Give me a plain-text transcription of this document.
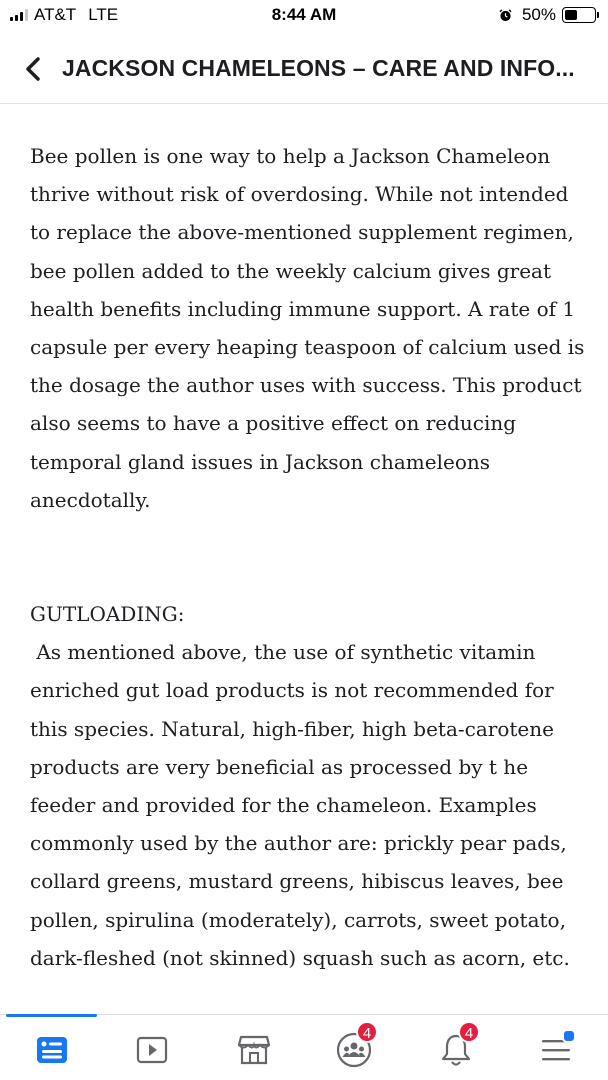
AT&T LTE	8:44 AM	50%
JACKSON CHAMELEONS – CARE AND INFO...

Bee pollen is one way to help a Jackson Chameleon thrive without risk of overdosing. While not intended to replace the above-mentioned supplement regimen, bee pollen added to the weekly calcium gives great health benefits including immune support. A rate of 1 capsule per every heaping teaspoon of calcium used is the dosage the author uses with success. This product also seems to have a positive effect on reducing temporal gland issues in Jackson chameleons anecdotally.

GUTLOADING:

As mentioned above, the use of synthetic vitamin enriched gut load products is not recommended for this species. Natural, high-fiber, high beta-carotene products are very beneficial as processed by t he feeder and provided for the chameleon. Examples commonly used by the author are: prickly pear pads, collard greens, mustard greens, hibiscus leaves, bee pollen, spirulina (moderately), carrots, sweet potato, dark-fleshed (not skinned) squash such as acorn, etc.

4	4
